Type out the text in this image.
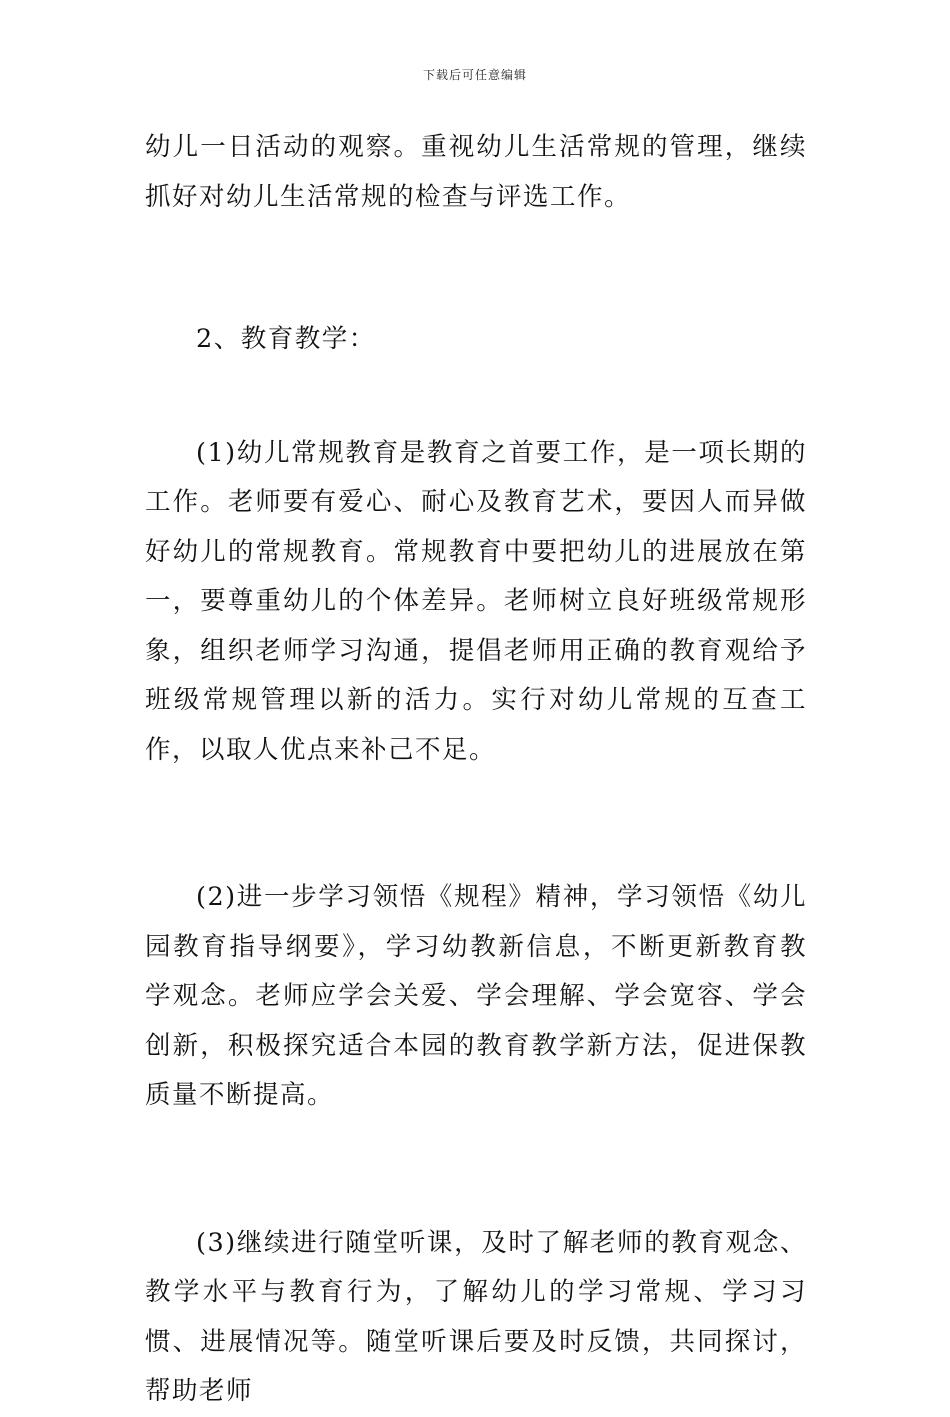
下载后可任意编辑

幼儿一日活动的观察。重视幼儿生活常规的管理，继续抓好对幼儿生活常规的检查与评选工作。

2、教育教学：

(1)幼儿常规教育是教育之首要工作，是一项长期的工作。老师要有爱心、耐心及教育艺术，要因人而异做好幼儿的常规教育。常规教育中要把幼儿的进展放在第一，要尊重幼儿的个体差异。老师树立良好班级常规形象，组织老师学习沟通，提倡老师用正确的教育观给予班级常规管理以新的活力。实行对幼儿常规的互查工作，以取人优点来补己不足。

(2)进一步学习领悟《规程》精神，学习领悟《幼儿园教育指导纲要》，学习幼教新信息，不断更新教育教学观念。老师应学会关爱、学会理解、学会宽容、学会创新，积极探究适合本园的教育教学新方法，促进保教质量不断提高。

(3)继续进行随堂听课，及时了解老师的教育观念、教学水平与教育行为，了解幼儿的学习常规、学习习惯、进展情况等。随堂听课后要及时反馈，共同探讨，帮助老师
